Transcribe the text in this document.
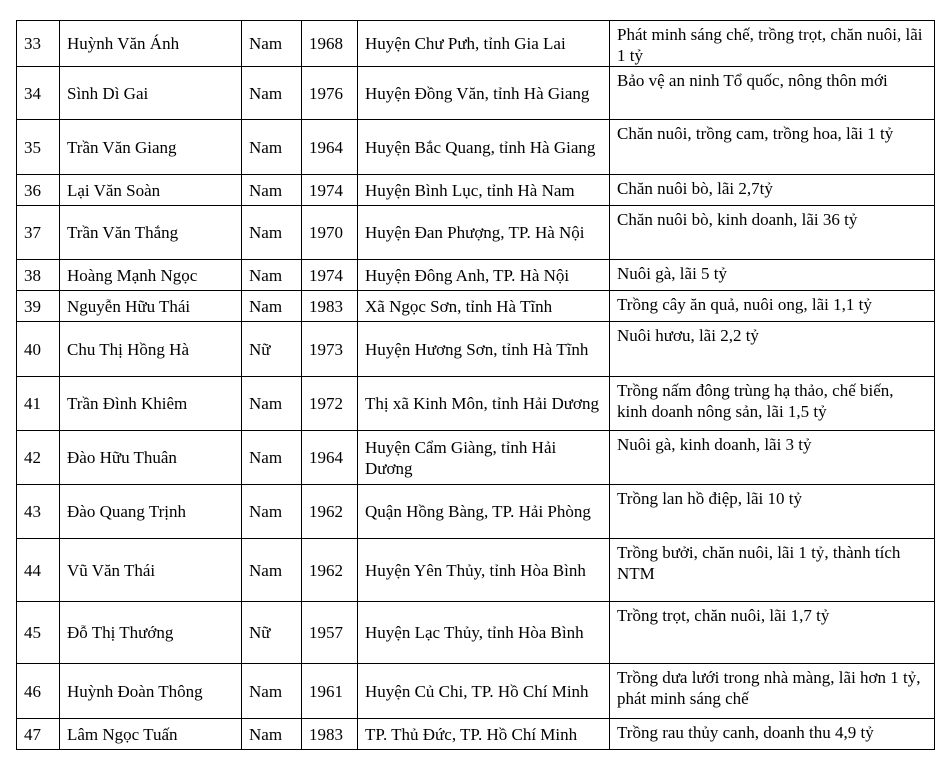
33	Huỳnh Văn Ánh	Nam	1968	Huyện Chư Pưh, tỉnh Gia Lai	Phát minh sáng chế, trồng trọt, chăn nuôi, lãi 1 tỷ
34	Sình Dì Gai	Nam	1976	Huyện Đồng Văn, tỉnh Hà Giang	Bảo vệ an ninh Tổ quốc, nông thôn mới
35	Trần Văn Giang	Nam	1964	Huyện Bắc Quang, tỉnh Hà Giang	Chăn nuôi, trồng cam, trồng hoa, lãi 1 tỷ
36	Lại Văn Soàn	Nam	1974	Huyện Bình Lục, tỉnh Hà Nam	Chăn nuôi bò, lãi 2,7tỷ
37	Trần Văn Thắng	Nam	1970	Huyện Đan Phượng, TP. Hà Nội	Chăn nuôi bò, kinh doanh, lãi 36 tỷ
38	Hoàng Mạnh Ngọc	Nam	1974	Huyện Đông Anh, TP. Hà Nội	Nuôi gà, lãi 5 tỷ
39	Nguyễn Hữu Thái	Nam	1983	Xã Ngọc Sơn, tỉnh Hà Tĩnh	Trồng cây ăn quả, nuôi ong, lãi 1,1 tỷ
40	Chu Thị Hồng Hà	Nữ	1973	Huyện Hương Sơn, tỉnh Hà Tĩnh	Nuôi hươu, lãi 2,2 tỷ
41	Trần Đình Khiêm	Nam	1972	Thị xã Kinh Môn, tỉnh Hải Dương	Trồng nấm đông trùng hạ thảo, chế biến, kinh doanh nông sản, lãi 1,5 tỷ
42	Đào Hữu Thuân	Nam	1964	Huyện Cẩm Giàng, tỉnh Hải Dương	Nuôi gà, kinh doanh, lãi 3 tỷ
43	Đào Quang Trịnh	Nam	1962	Quận Hồng Bàng, TP. Hải Phòng	Trồng lan hồ điệp, lãi 10 tỷ
44	Vũ Văn Thái	Nam	1962	Huyện Yên Thủy, tỉnh Hòa Bình	Trồng bưởi, chăn nuôi, lãi 1 tỷ, thành tích NTM
45	Đỗ Thị Thướng	Nữ	1957	Huyện Lạc Thủy, tỉnh Hòa Bình	Trồng trọt, chăn nuôi, lãi 1,7 tỷ
46	Huỳnh Đoàn Thông	Nam	1961	Huyện Củ Chi, TP. Hồ Chí Minh	Trồng dưa lưới trong nhà màng, lãi hơn 1 tỷ, phát minh sáng chế
47	Lâm Ngọc Tuấn	Nam	1983	TP. Thủ Đức, TP. Hồ Chí Minh	Trồng rau thủy canh, doanh thu 4,9 tỷ
